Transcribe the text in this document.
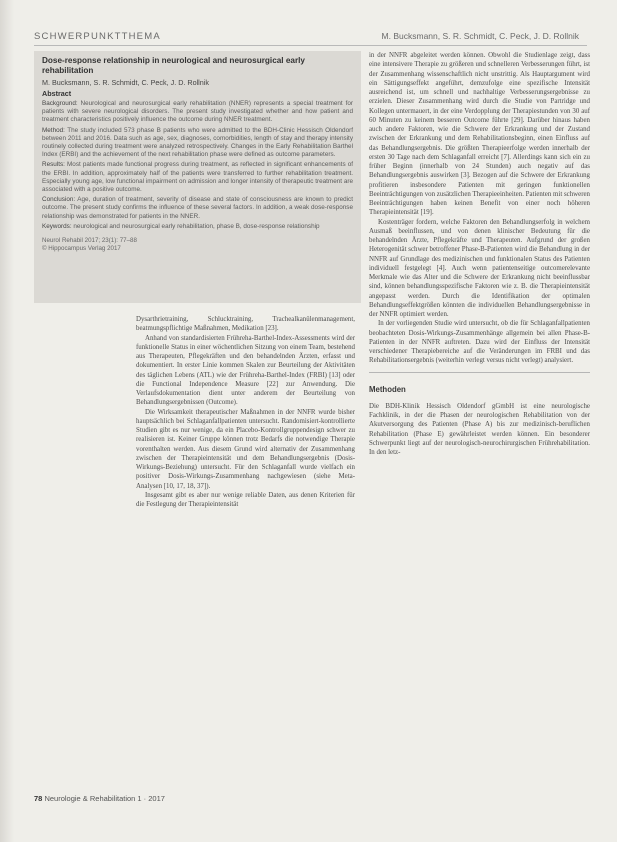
SCHWERPUNKTTHEMA	M. Bucksmann, S. R. Schmidt, C. Peck, J. D. Rollnik
Dose-response relationship in neurological and neurosurgical early rehabilitation
M. Bucksmann, S. R. Schmidt, C. Peck, J. D. Rollnik
Abstract
Background: Neurological and neurosurgical early rehabilitation (NNER) represents a special treatment for patients with severe neurological disorders. The present study investigated whether and how patient and treatment characteristics positively influence the outcome during NNER treatment.
Method: The study included 573 phase B patients who were admitted to the BDH-Clinic Hessisch Oldendorf between 2011 and 2016. Data such as age, sex, diagnoses, comorbidities, length of stay and therapy intensity routinely collected during treatment were analyzed retrospectively. Changes in the Early Rehabilitation Barthel Index (ERBI) and the achievement of the next rehabilitation phase were defined as outcome parameters.
Results: Most patients made functional progress during treatment, as reflected in significant enhancements of the ERBI. In addition, approximately half of the patients were transferred to further rehabilitation treatment. Especially young age, low functional impairment on admission and longer intensity of therapeutic treatment are associated with a positive outcome.
Conclusion: Age, duration of treatment, severity of disease and state of consciousness are known to predict outcome. The present study confirms the influence of these several factors. In addition, a weak dose-response relationship was demonstrated for patients in the NNER.
Keywords: neurological and neurosurgical early rehabilitation, phase B, dose-response relationship
Neurol Rehabil 2017; 23(1): 77–88
© Hippocampus Verlag 2017

in der NNFR abgeleitet werden können. Obwohl die Studienlage zeigt, dass eine intensivere Therapie zu größeren und schnelleren Verbesserungen führt, ist der Zusammenhang wissenschaftlich nicht unstrittig. Als Hauptargument wird ein Sättigungseffekt angeführt, demzufolge eine spezifische Intensität ausreichend ist, um schnell und nachhaltige Verbesserungsergebnisse zu erzielen. Dieser Zusammenhang wird durch die Studie von Partridge und Kollegen untermauert, in der eine Verdopplung der Therapiestunden von 30 auf 60 Minuten zu keinem besseren Outcome führte [29]. Darüber hinaus haben auch andere Faktoren, wie die Schwere der Erkrankung und der Zustand zwischen der Erkrankung und dem Rehabilitationsbeginn, einen Einfluss auf das Behandlungsergebnis. Die größten Therapieerfolge werden innerhalb der ersten 30 Tage nach dem Schlaganfall erreicht [7]. Allerdings kann sich ein zu früher Beginn (innerhalb von 24 Stunden) auch negativ auf das Behandlungsergebnis auswirken [3]. Bezogen auf die Schwere der Erkrankung profitieren insbesondere Patienten mit geringen funktionellen Beeinträchtigungen von zusätzlichen Therapieeinheiten. Patienten mit schweren Beeinträchtigungen haben keinen Benefit von einer noch höheren Therapieintensität [19].

Kostenträger fordern, welche Faktoren den Behandlungserfolg in welchem Ausmaß beeinflussen, und von denen klinischer Bedeutung für die behandelnden Ärzte, Pflegekräfte und Therapeuten. Aufgrund der großen Heterogenität schwer betroffener Phase-B-Patienten wird die Behandlung in der NNFR auf Grundlage des medizinischen und funktionalen Status des Patienten individuell festgelegt [4]. Auch wenn patientenseitige outcomerelevante Merkmale wie das Alter und die Schwere der Erkrankung nicht beeinflussbar sind, können behandlungsspezifische Faktoren wie z. B. die Therapieintensität angepasst werden. Durch die Identifikation der optimalen Behandlungseffektgrößen könnten die individuellen Behandlungsergebnisse in der NNFR optimiert werden.

In der vorliegenden Studie wird untersucht, ob die für Schlaganfallpatienten beobachteten Dosis-Wirkungs-Zusammenhänge allgemein bei allen Phase-B-Patienten in der NNFR auftreten. Dazu wird der Einfluss der Intensität verschiedener Therapiebereiche auf die Veränderungen im FRBI und das Rehabilitationsergebnis (weiterhin verlegt versus nicht verlegt) analysiert.

Methoden

Die BDH-Klinik Hessisch Oldendorf gGmbH ist eine neurologische Fachklinik, in der die Phasen der neurologischen Rehabilitation von der Akutversorgung des Patienten (Phase A) bis zur medizinisch-beruflichen Rehabilitation (Phase E) gewährleistet werden können. Ein besonderer Schwerpunkt liegt auf der neurologisch-neurochirurgischen Frührehabilitation. In den letz-

Dysarthrietraining, Schlucktraining, Trachealkanülenmanagement, beatmungspflichtige Maßnahmen, Medikation [23].

Anhand von standardisierten Frühreha-Barthel-Index-Assessments wird der funktionelle Status in einer wöchentlichen Sitzung von einem Team, bestehend aus Therapeuten, Pflegekräften und den behandelnden Ärzten, erfasst und dokumentiert. In erster Linie kommen Skalen zur Beurteilung der Aktivitäten des täglichen Lebens (ATL) wie der Frühreha-Barthel-Index (FRBI) [13] oder die Functional Independence Measure [22] zur Anwendung. Die Verlaufsdokumentation dient unter anderem der Beurteilung von Behandlungsergebnissen (Outcome).

Die Wirksamkeit therapeutischer Maßnahmen in der NNFR wurde bisher hauptsächlich bei Schlaganfallpatienten untersucht. Randomisiert-kontrollierte Studien gibt es nur wenige, da ein Placebo-Kontrollgruppendesign schwer zu realisieren ist. Keiner Gruppe können trotz Bedarfs die notwendige Therapie vorenthalten werden. Aus diesem Grund wird alternativ der Zusammenhang zwischen der Therapieintensität und dem Behandlungsergebnis (Dosis-Wirkungs-Beziehung) untersucht. Für den Schlaganfall wurde vielfach ein positiver Dosis-Wirkungs-Zusammenhang nachgewiesen (siehe Meta-Analysen [10, 17, 18, 37]).

Insgesamt gibt es aber nur wenige reliable Daten, aus denen Kriterien für die Festlegung der Therapieintensität

78 Neurologie & Rehabilitation 1 · 2017
